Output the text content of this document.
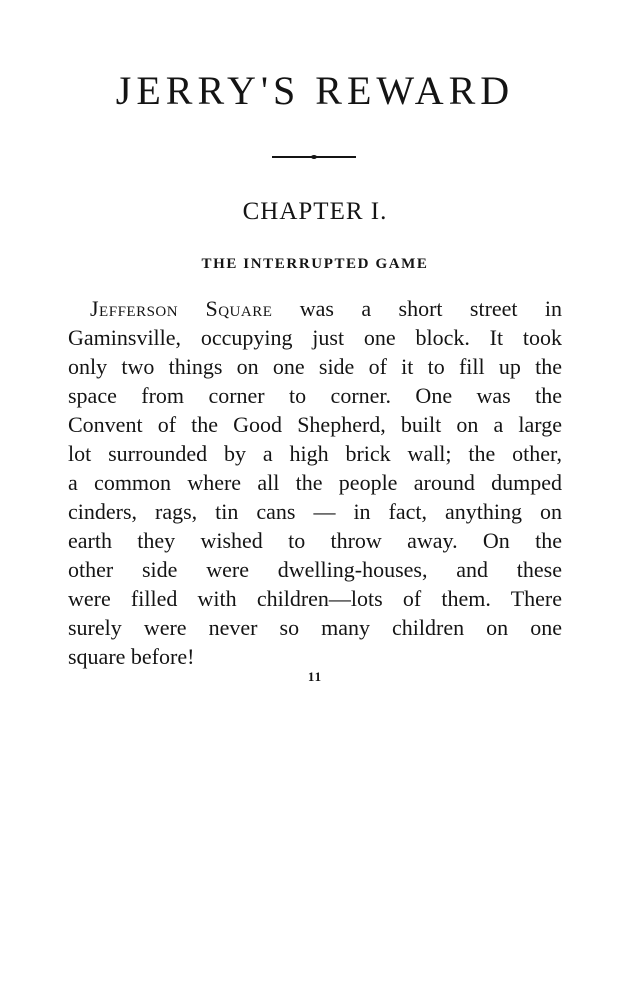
JERRY'S REWARD
CHAPTER I.
THE INTERRUPTED GAME
Jefferson Square was a short street in
Gaminsville, occupying just one block. It took
only two things on one side of it to fill up the
space from corner to corner. One was the
Convent of the Good Shepherd, built on a large
lot surrounded by a high brick wall; the other,
a common where all the people around dumped
cinders, rags, tin cans — in fact, anything on
earth they wished to throw away. On the
other side were dwelling-houses, and these
were filled with children—lots of them. There
surely were never so many children on one
square before!
11
